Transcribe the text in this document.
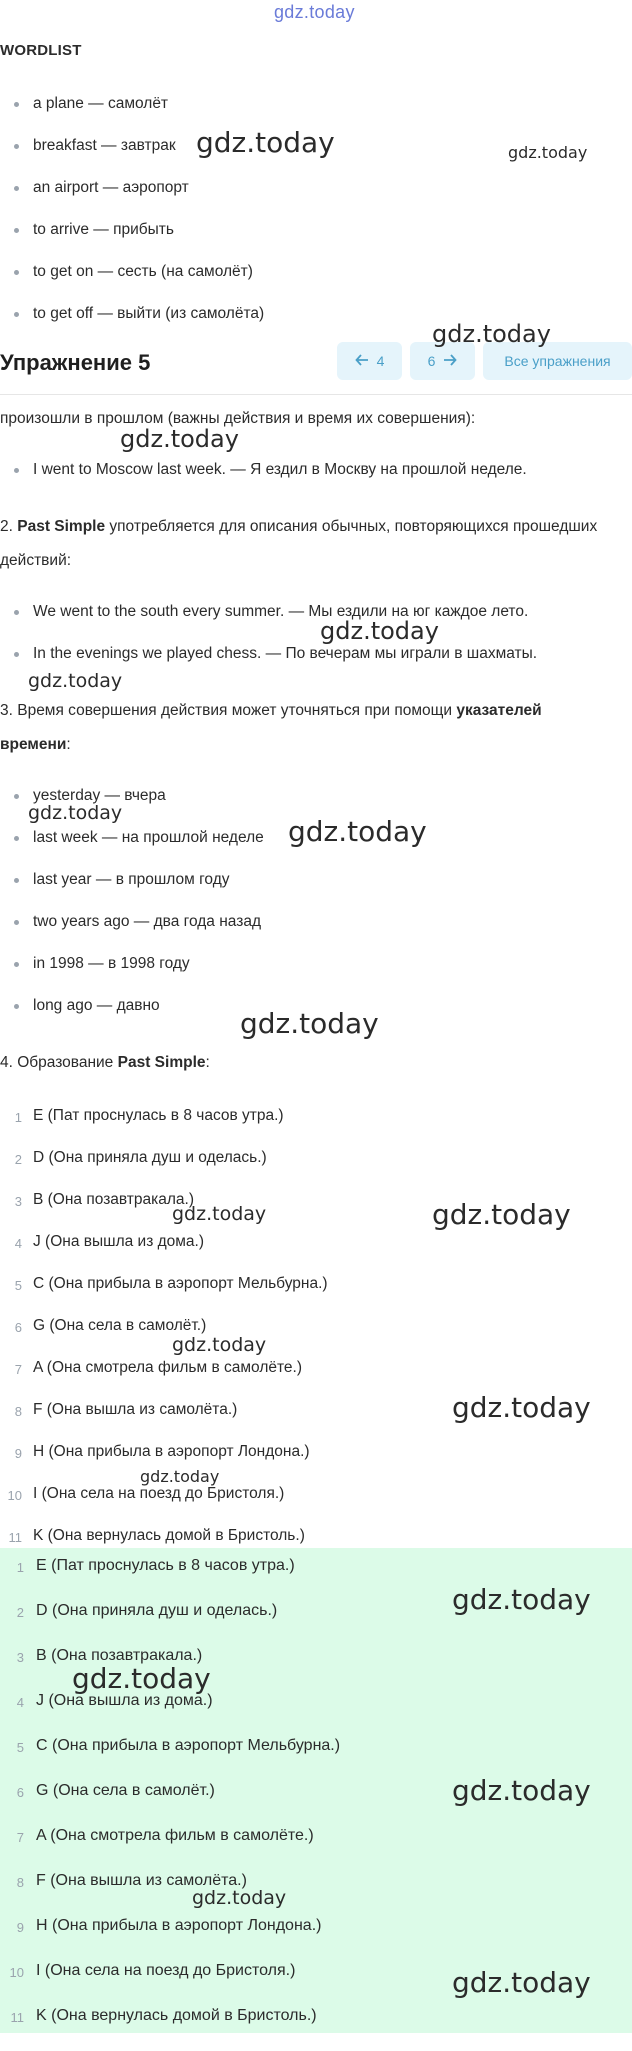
gdz.today
WORDLIST
a plane — самолёт
breakfast — завтрак
an airport — аэропорт
to arrive — прибыть
to get on — сесть (на самолёт)
to get off — выйти (из самолёта)
Упражнение 5	4	6	Все упражнения
произошли в прошлом (важны действия и время их совершения):
I went to Moscow last week. — Я ездил в Москву на прошлой неделе.
2. Past Simple употребляется для описания обычных, повторяющихся прошедших действий:
We went to the south every summer. — Мы ездили на юг каждое лето.
In the evenings we played chess. — По вечерам мы играли в шахматы.
3. Время совершения действия может уточняться при помощи указателей времени:
yesterday — вчера
last week — на прошлой неделе
last year — в прошлом году
two years ago — два года назад
in 1998 — в 1998 году
long ago — давно
4. Образование Past Simple:
1 E (Пат проснулась в 8 часов утра.)
2 D (Она приняла душ и оделась.)
3 B (Она позавтракала.)
4 J (Она вышла из дома.)
5 C (Она прибыла в аэропорт Мельбурна.)
6 G (Она села в самолёт.)
7 A (Она смотрела фильм в самолёте.)
8 F (Она вышла из самолёта.)
9 H (Она прибыла в аэропорт Лондона.)
10 I (Она села на поезд до Бристоля.)
11 K (Она вернулась домой в Бристоль.)
1 E (Пат проснулась в 8 часов утра.)
2 D (Она приняла душ и оделась.)
3 B (Она позавтракала.)
4 J (Она вышла из дома.)
5 C (Она прибыла в аэропорт Мельбурна.)
6 G (Она села в самолёт.)
7 A (Она смотрела фильм в самолёте.)
8 F (Она вышла из самолёта.)
9 H (Она прибыла в аэропорт Лондона.)
10 I (Она села на поезд до Бристоля.)
11 K (Она вернулась домой в Бристоль.)
gdz.today	gdz.today
gdz.today
gdz.today
gdz.today
gdz.today
gdz.today
gdz.today
gdz.today
gdz.today	gdz.today
gdz.today
gdz.today
gdz.today
gdz.today
gdz.today
gdz.today
gdz.today
gdz.today
